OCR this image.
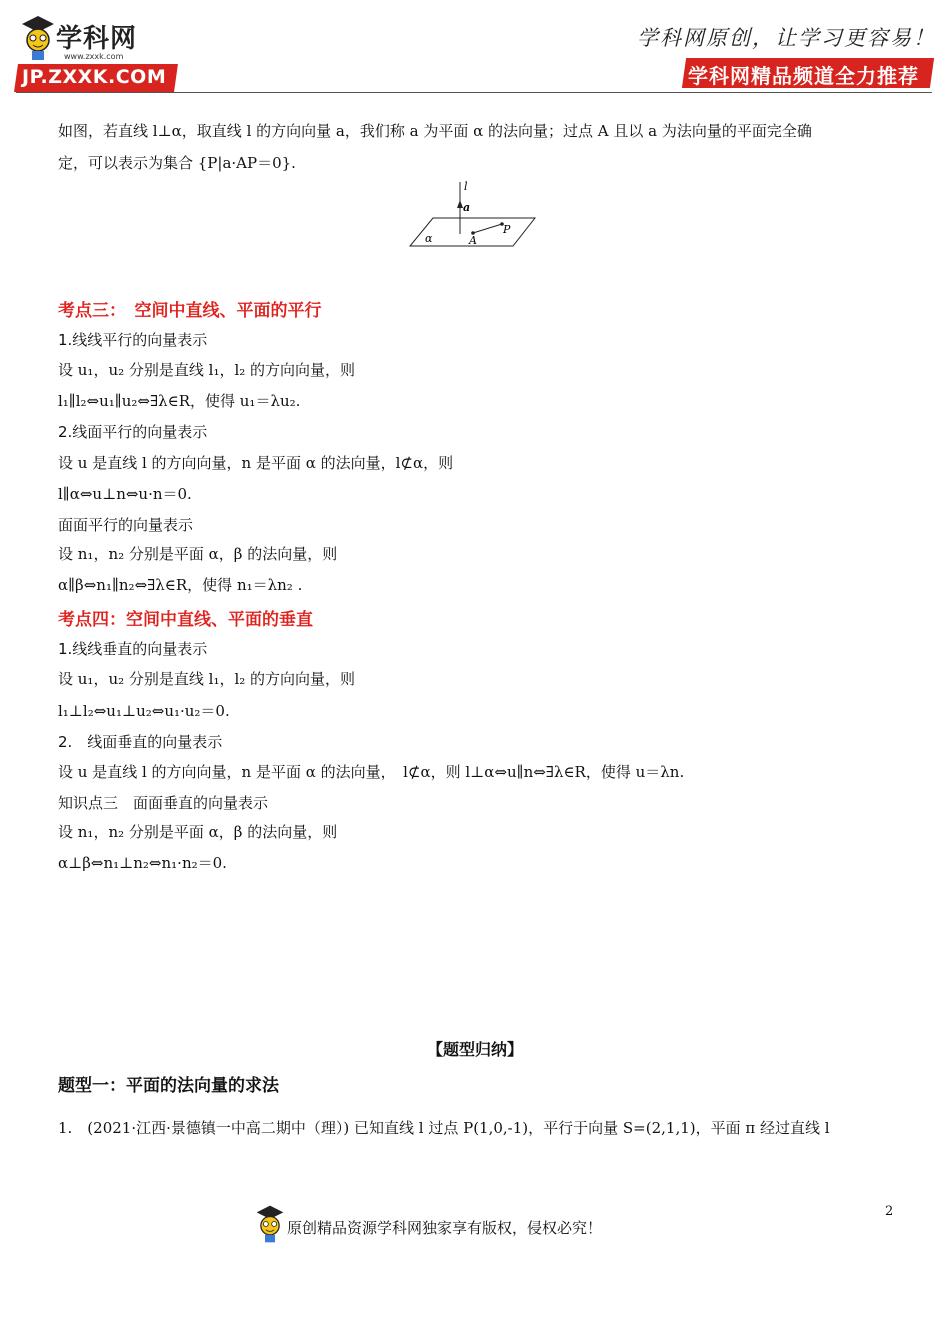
学科网
www.zxxk.com
JP.ZXXK.COM
学科网原创，让学习更容易！
学科网精品频道全力推荐
如图，若直线 l⊥α，取直线 l 的方向向量 a，我们称 a 为平面 α 的法向量；过点 A 且以 a 为法向量的平面完全确
定，可以表示为集合 {P|a·AP＝0}.
l
a
α	A
P
考点三：　空间中直线、平面的平行
1.线线平行的向量表示
设 u₁，u₂ 分别是直线 l₁，l₂ 的方向向量，则
l₁∥l₂⇔u₁∥u₂⇔∃λ∈R，使得 u₁＝λu₂.
2.线面平行的向量表示
设 u 是直线 l 的方向向量，n 是平面 α 的法向量，l⊄α，则
l∥α⇔u⊥n⇔u·n＝0.
面面平行的向量表示
设 n₁，n₂ 分别是平面 α，β 的法向量，则
α∥β⇔n₁∥n₂⇔∃λ∈R，使得 n₁＝λn₂ .
考点四：空间中直线、平面的垂直
1.线线垂直的向量表示
设 u₁，u₂ 分别是直线 l₁，l₂ 的方向向量，则
l₁⊥l₂⇔u₁⊥u₂⇔u₁·u₂＝0.
2.　线面垂直的向量表示
设 u 是直线 l 的方向向量，n 是平面 α 的法向量，　l⊄α，则 l⊥α⇔u∥n⇔∃λ∈R，使得 u＝λn.
知识点三　面面垂直的向量表示
设 n₁，n₂ 分别是平面 α，β 的法向量，则
α⊥β⇔n₁⊥n₂⇔n₁·n₂＝0.
【题型归纳】
题型一：平面的法向量的求法
1.　(2021·江西·景德镇一中高二期中（理）) 已知直线 l 过点 P(1,0,-1)，平行于向量 S=(2,1,1)，平面 π 经过直线 l
原创精品资源学科网独家享有版权，侵权必究！
2
